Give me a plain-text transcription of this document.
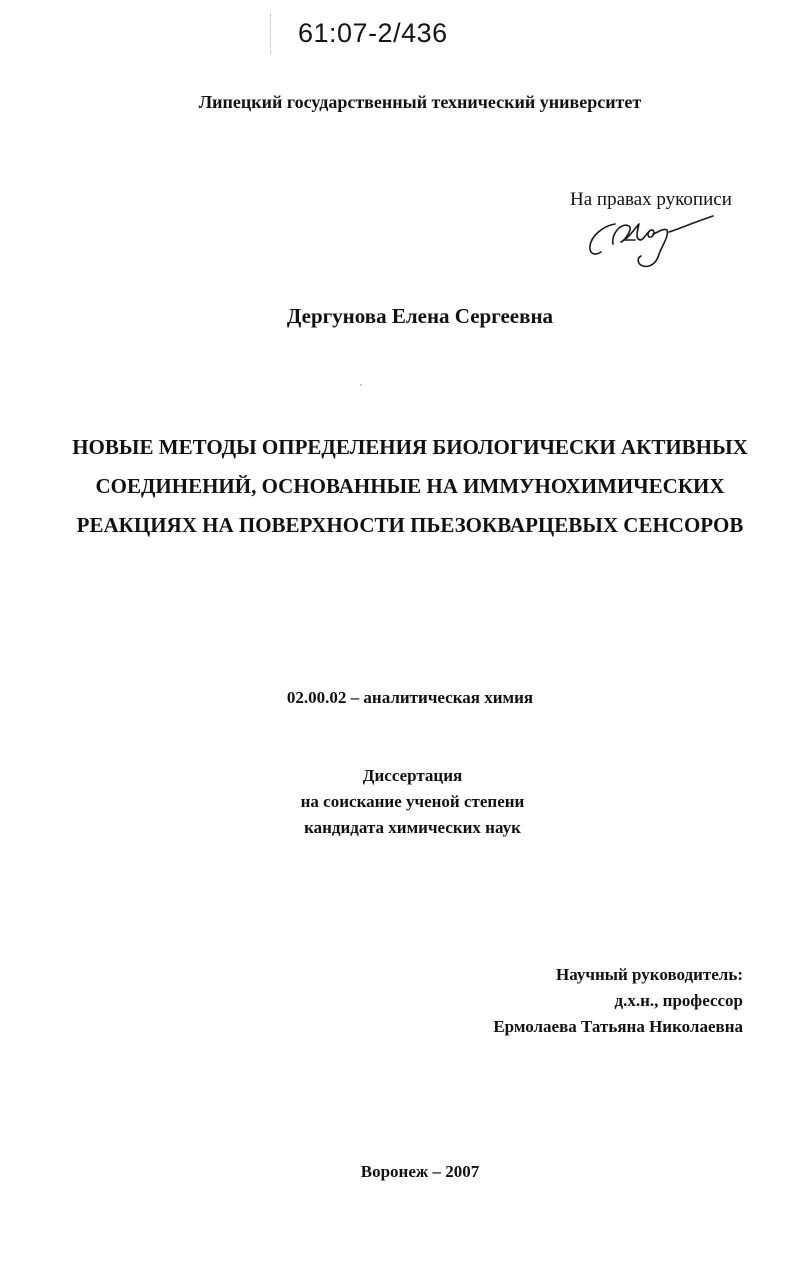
61:07-2/436
Липецкий государственный технический университет
На правах рукописи
Дергунова Елена Сергеевна
НОВЫЕ МЕТОДЫ ОПРЕДЕЛЕНИЯ БИОЛОГИЧЕСКИ АКТИВНЫХ
СОЕДИНЕНИЙ, ОСНОВАННЫЕ НА ИММУНОХИМИЧЕСКИХ
РЕАКЦИЯХ НА ПОВЕРХНОСТИ ПЬЕЗОКВАРЦЕВЫХ СЕНСОРОВ
02.00.02 – аналитическая химия
Диссертация
на соискание ученой степени
кандидата химических наук
Научный руководитель:
д.х.н., профессор
Ермолаева Татьяна Николаевна
Воронеж – 2007
